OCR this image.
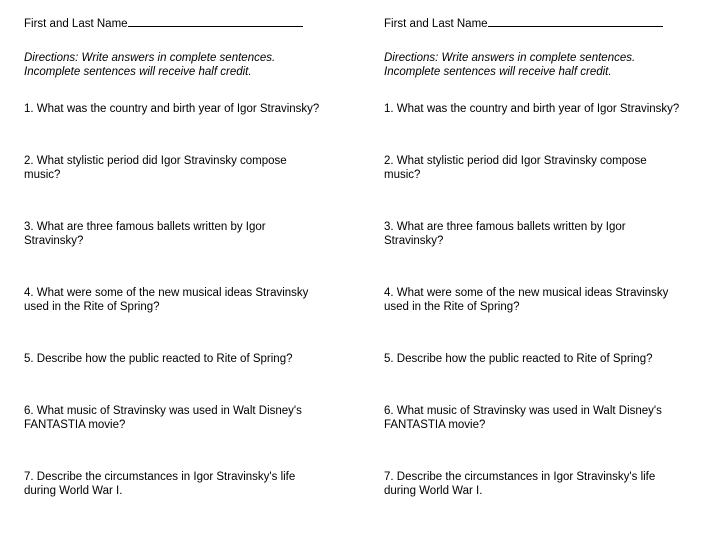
First and Last Name
Directions: Write answers in complete sentences.
Incomplete sentences will receive half credit.
1. What was the country and birth year of Igor Stravinsky?
2. What stylistic period did Igor Stravinsky compose music?
3. What are three famous ballets written by Igor Stravinsky?
4. What were some of the new musical ideas Stravinsky used in the Rite of Spring?
5. Describe how the public reacted to Rite of Spring?
6. What music of Stravinsky was used in Walt Disney's FANTASTIA movie?
7. Describe the circumstances in Igor Stravinsky's life during World War I.
First and Last Name
Directions: Write answers in complete sentences.
Incomplete sentences will receive half credit.
1. What was the country and birth year of Igor Stravinsky?
2. What stylistic period did Igor Stravinsky compose music?
3. What are three famous ballets written by Igor Stravinsky?
4. What were some of the new musical ideas Stravinsky used in the Rite of Spring?
5. Describe how the public reacted to Rite of Spring?
6. What music of Stravinsky was used in Walt Disney's FANTASTIA movie?
7. Describe the circumstances in Igor Stravinsky's life during World War I.
